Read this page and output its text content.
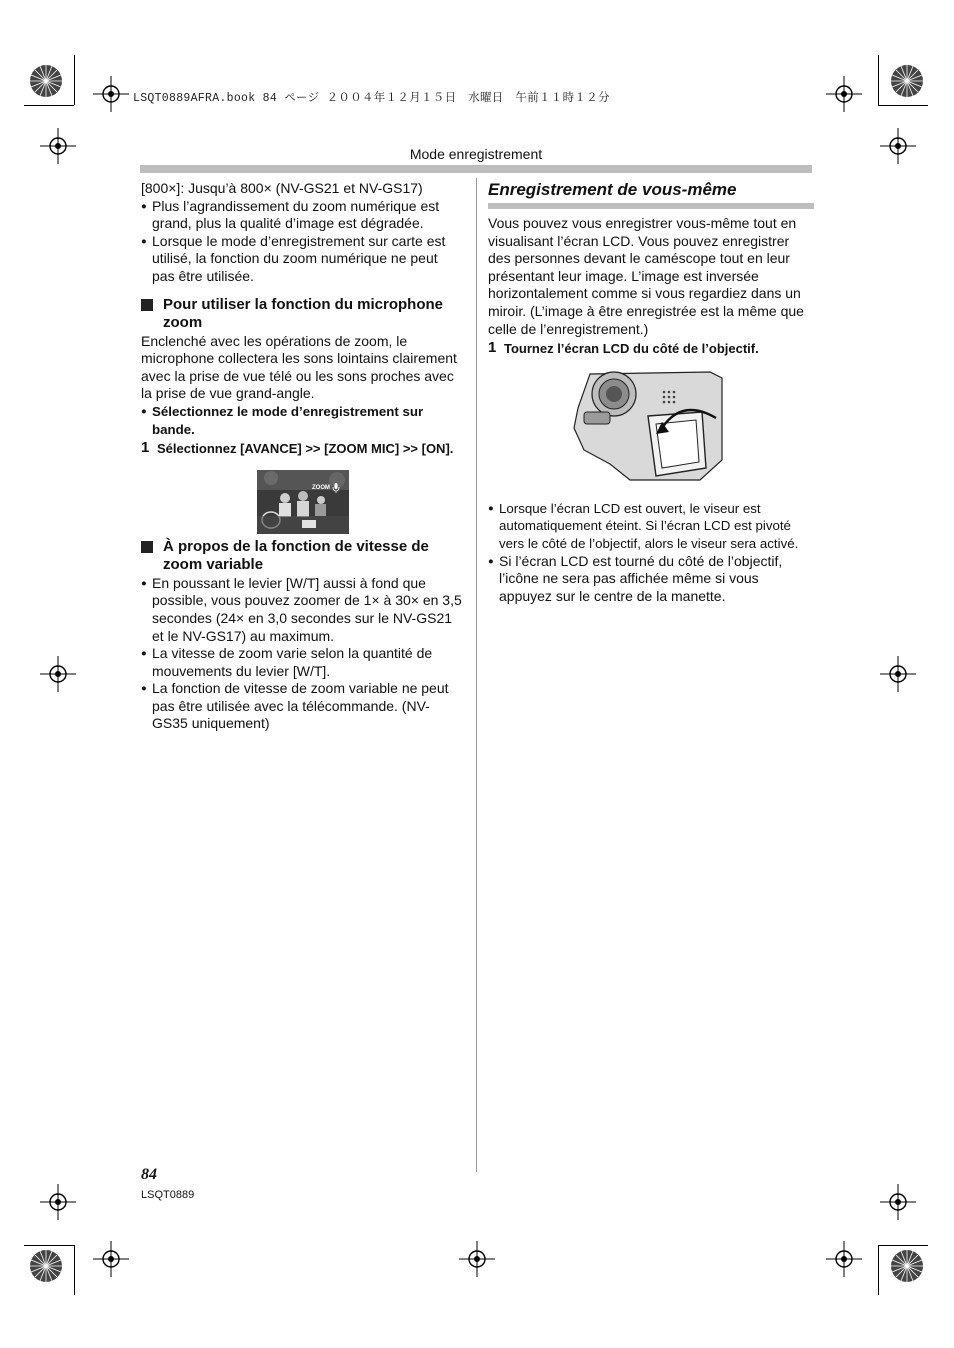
LSQT0889AFRA.book 84 ページ ２００４年１２月１５日　水曜日　午前１１時１２分
Mode enregistrement

[800×]: Jusqu’à 800× (NV-GS21 et NV-GS17)

● Plus l’agrandissement du zoom numérique est grand, plus la qualité d’image est dégradée.

● Lorsque le mode d’enregistrement sur carte est utilisé, la fonction du zoom numérique ne peut pas être utilisée.

Pour utiliser la fonction du microphone zoom

Enclenché avec les opérations de zoom, le microphone collectera les sons lointains clairement avec la prise de vue télé ou les sons proches avec la prise de vue grand-angle.

● Sélectionnez le mode d’enregistrement sur bande.

1 Sélectionnez [AVANCE] >> [ZOOM MIC] >> [ON].

ZOOM

À propos de la fonction de vitesse de zoom variable

● En poussant le levier [W/T] aussi à fond que possible, vous pouvez zoomer de 1× à 30× en 3,5 secondes (24× en 3,0 secondes sur le NV-GS21 et le NV-GS17) au maximum.

● La vitesse de zoom varie selon la quantité de mouvements du levier [W/T].

● La fonction de vitesse de zoom variable ne peut pas être utilisée avec la télécommande. (NV-GS35 uniquement)

Enregistrement de vous-même

Vous pouvez vous enregistrer vous-même tout en visualisant l’écran LCD. Vous pouvez enregistrer des personnes devant le caméscope tout en leur présentant leur image. L’image est inversée horizontalement comme si vous regardiez dans un miroir. (L’image à être enregistrée est la même que celle de l’enregistrement.)

1 Tournez l’écran LCD du côté de l’objectif.

● Lorsque l’écran LCD est ouvert, le viseur est automatiquement éteint. Si l’écran LCD est pivoté vers le côté de l’objectif, alors le viseur sera activé.

● Si l’écran LCD est tourné du côté de l’objectif, l’icône ne sera pas affichée même si vous appuyez sur le centre de la manette.

84
LSQT0889
